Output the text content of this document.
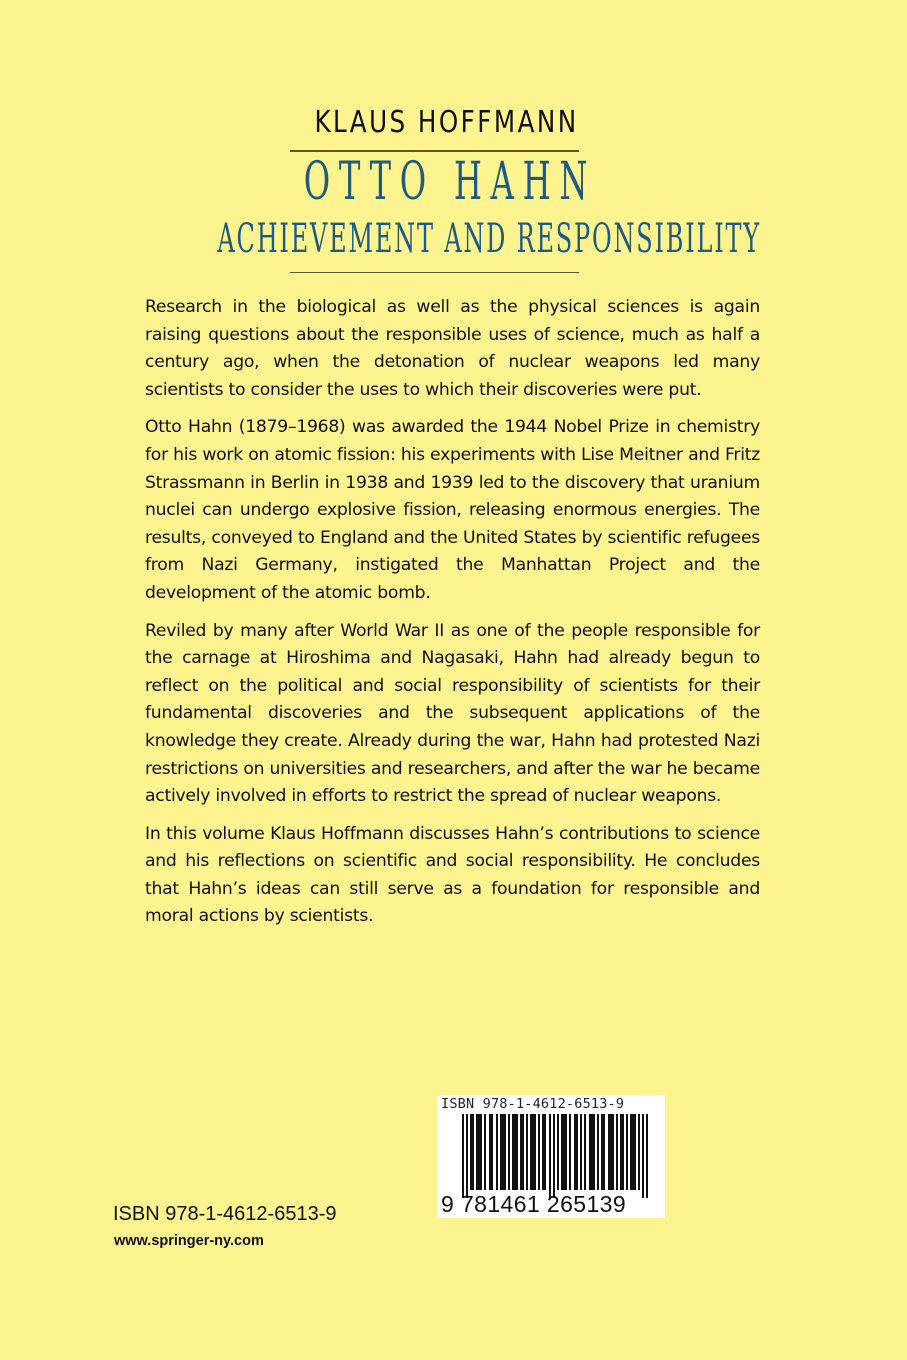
KLAUS HOFFMANN
OTTO HAHN
ACHIEVEMENT AND RESPONSIBILITY

Research in the biological as well as the physical sciences is again raising questions about the responsible uses of science, much as half a century ago, when the detonation of nuclear weapons led many scientists to consider the uses to which their discoveries were put.

Otto Hahn (1879–1968) was awarded the 1944 Nobel Prize in chemistry for his work on atomic fission: his experiments with Lise Meitner and Fritz Strassmann in Berlin in 1938 and 1939 led to the discovery that uranium nuclei can undergo explosive fission, releasing enormous energies. The results, conveyed to England and the United States by scientific refugees from Nazi Germany, instigated the Manhattan Project and the development of the atomic bomb.

Reviled by many after World War II as one of the people responsible for the carnage at Hiroshima and Nagasaki, Hahn had already begun to reflect on the political and social responsibility of scientists for their fundamental discoveries and the subsequent applications of the knowledge they create. Already during the war, Hahn had protested Nazi restrictions on universities and researchers, and after the war he became actively involved in efforts to restrict the spread of nuclear weapons.

In this volume Klaus Hoffmann discusses Hahn’s contributions to science and his reflections on scientific and social responsibility. He concludes that Hahn’s ideas can still serve as a foundation for responsible and moral actions by scientists.

ISBN 978-1-4612-6513-9
9 781461 265139
ISBN 978-1-4612-6513-9
www.springer-ny.com
